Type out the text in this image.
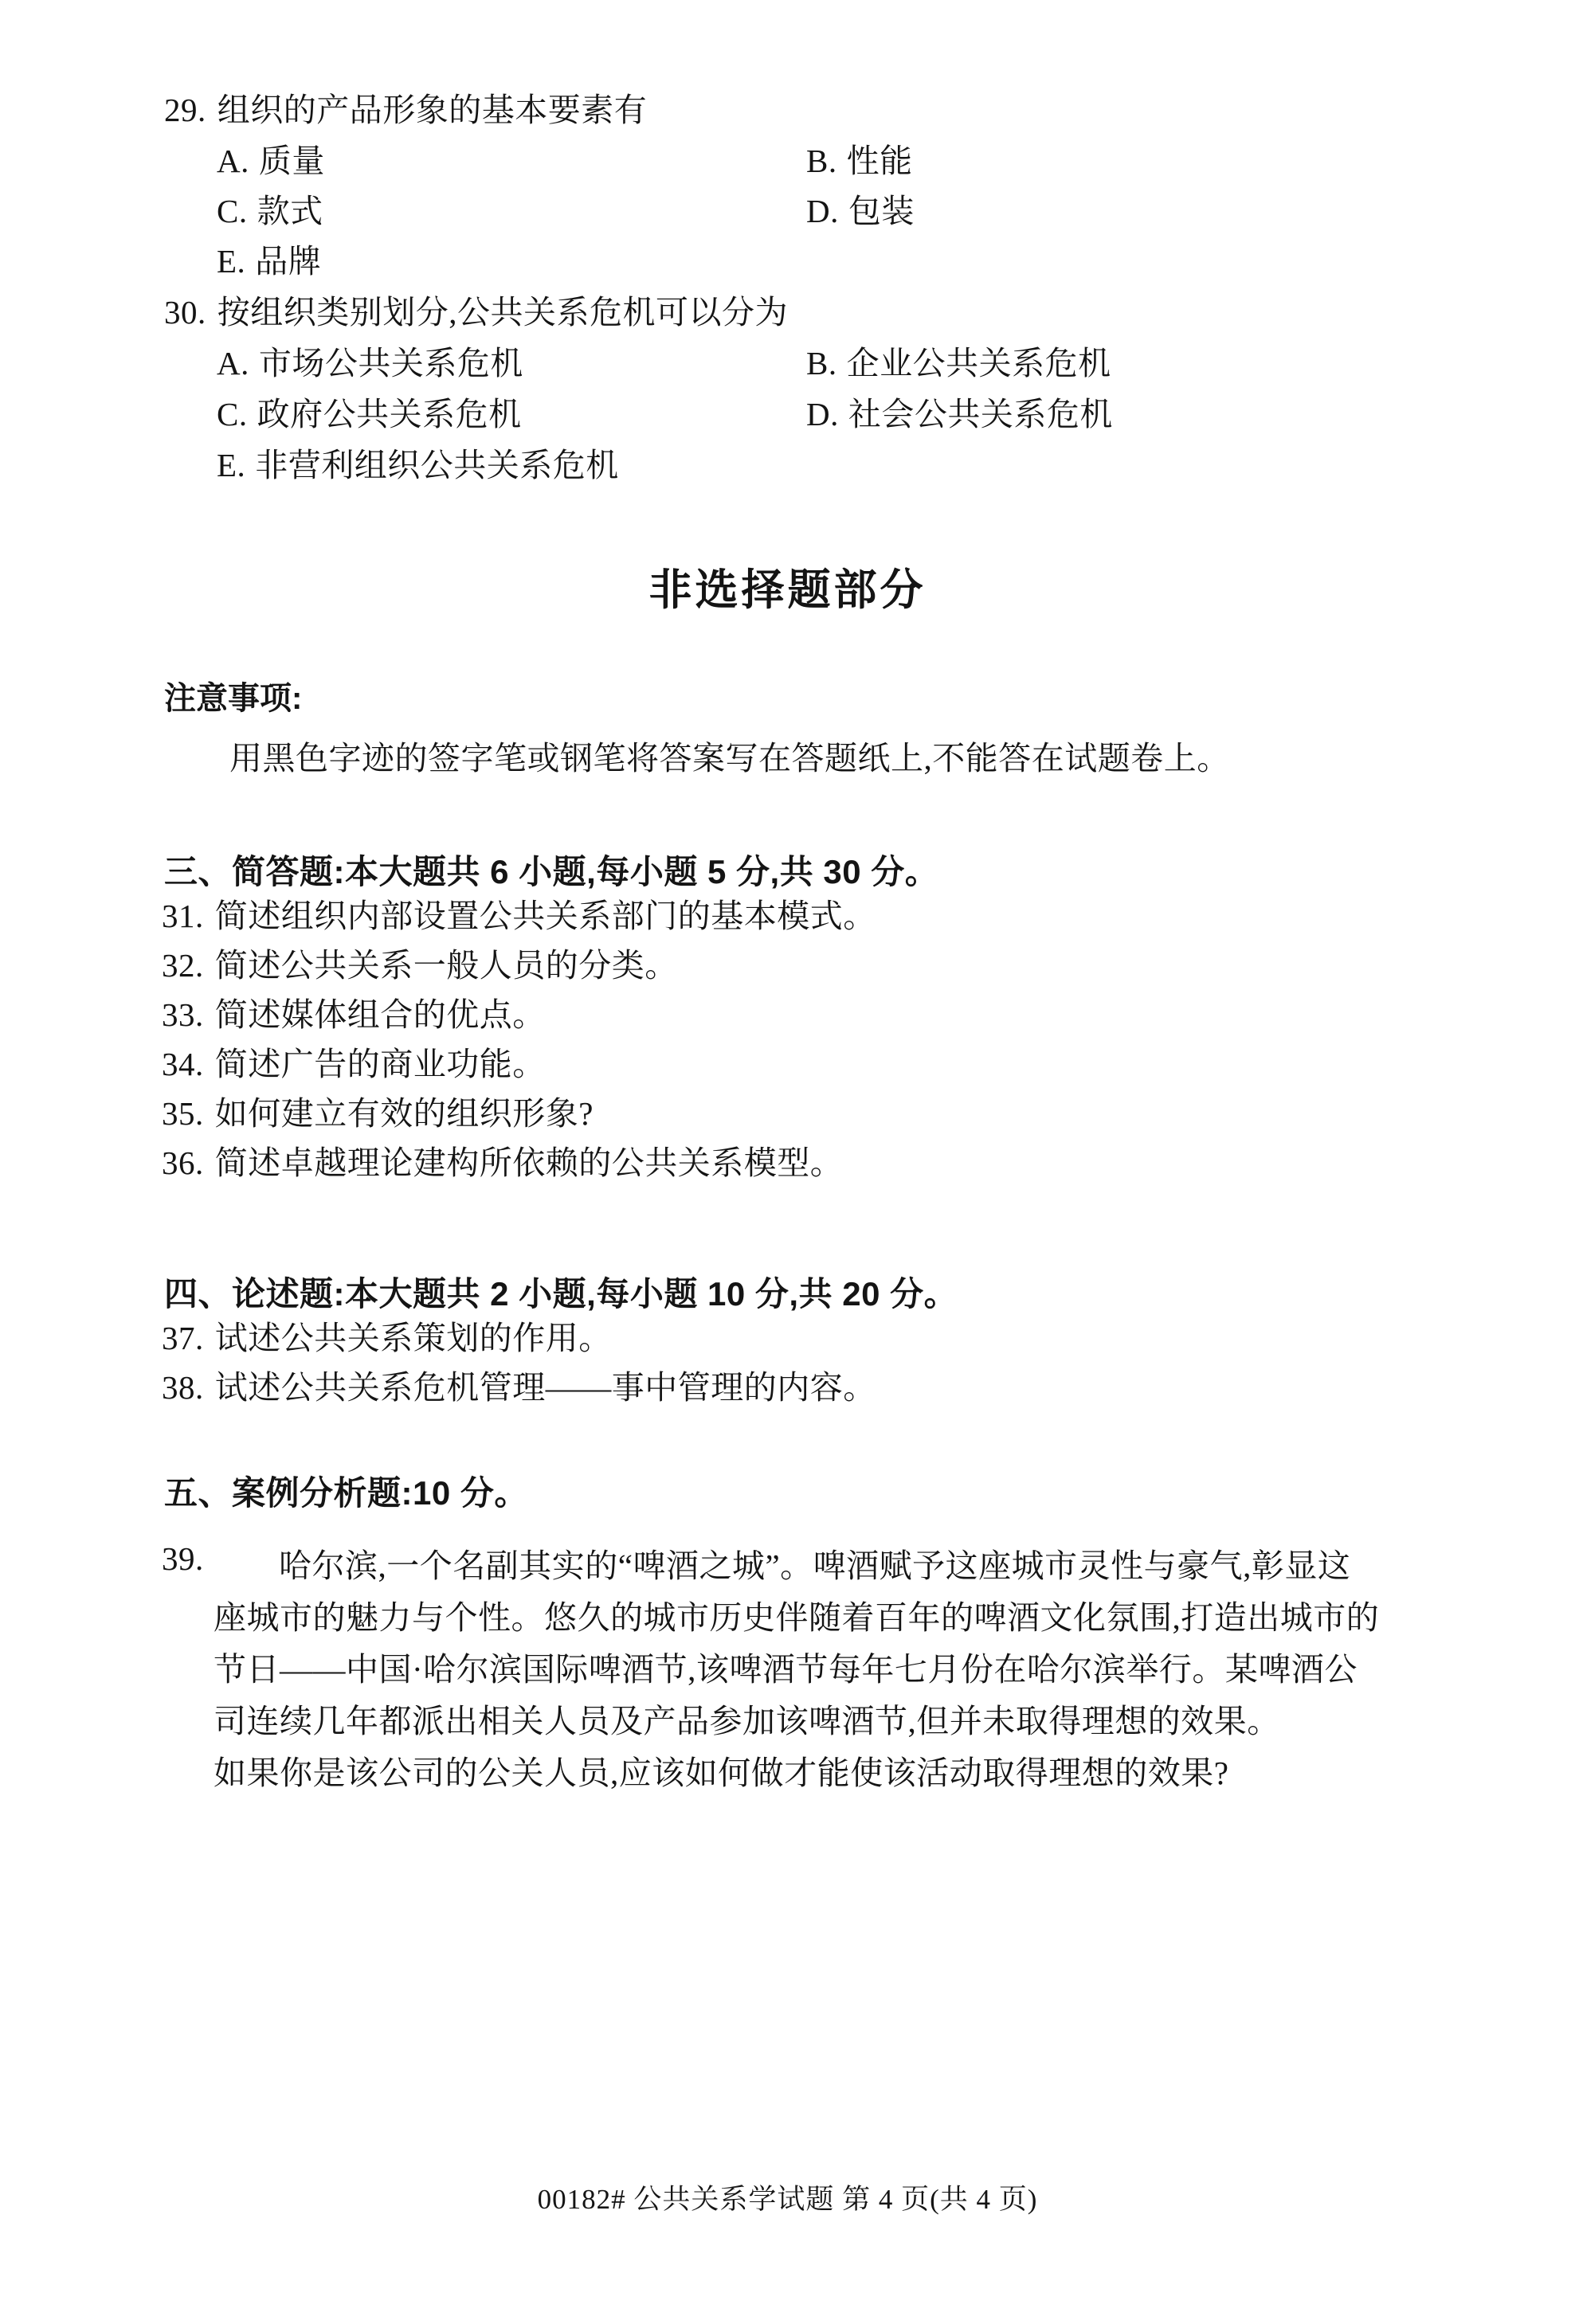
29. 组织的产品形象的基本要素有
A. 质量	B. 性能
C. 款式	D. 包装
E. 品牌
30. 按组织类别划分,公共关系危机可以分为
A. 市场公共关系危机	B. 企业公共关系危机
C. 政府公共关系危机	D. 社会公共关系危机
E. 非营利组织公共关系危机
非选择题部分
注意事项:
用黑色字迹的签字笔或钢笔将答案写在答题纸上,不能答在试题卷上。
三、简答题:本大题共 6 小题,每小题 5 分,共 30 分。
31. 简述组织内部设置公共关系部门的基本模式。
32. 简述公共关系一般人员的分类。
33. 简述媒体组合的优点。
34. 简述广告的商业功能。
35. 如何建立有效的组织形象?
36. 简述卓越理论建构所依赖的公共关系模型。
四、论述题:本大题共 2 小题,每小题 10 分,共 20 分。
37. 试述公共关系策划的作用。
38. 试述公共关系危机管理——事中管理的内容。
五、案例分析题:10 分。
39.	哈尔滨,一个名副其实的“啤酒之城”。啤酒赋予这座城市灵性与豪气,彰显这
座城市的魅力与个性。悠久的城市历史伴随着百年的啤酒文化氛围,打造出城市的
节日——中国·哈尔滨国际啤酒节,该啤酒节每年七月份在哈尔滨举行。某啤酒公
司连续几年都派出相关人员及产品参加该啤酒节,但并未取得理想的效果。
如果你是该公司的公关人员,应该如何做才能使该活动取得理想的效果?
00182# 公共关系学试题 第 4 页(共 4 页)
